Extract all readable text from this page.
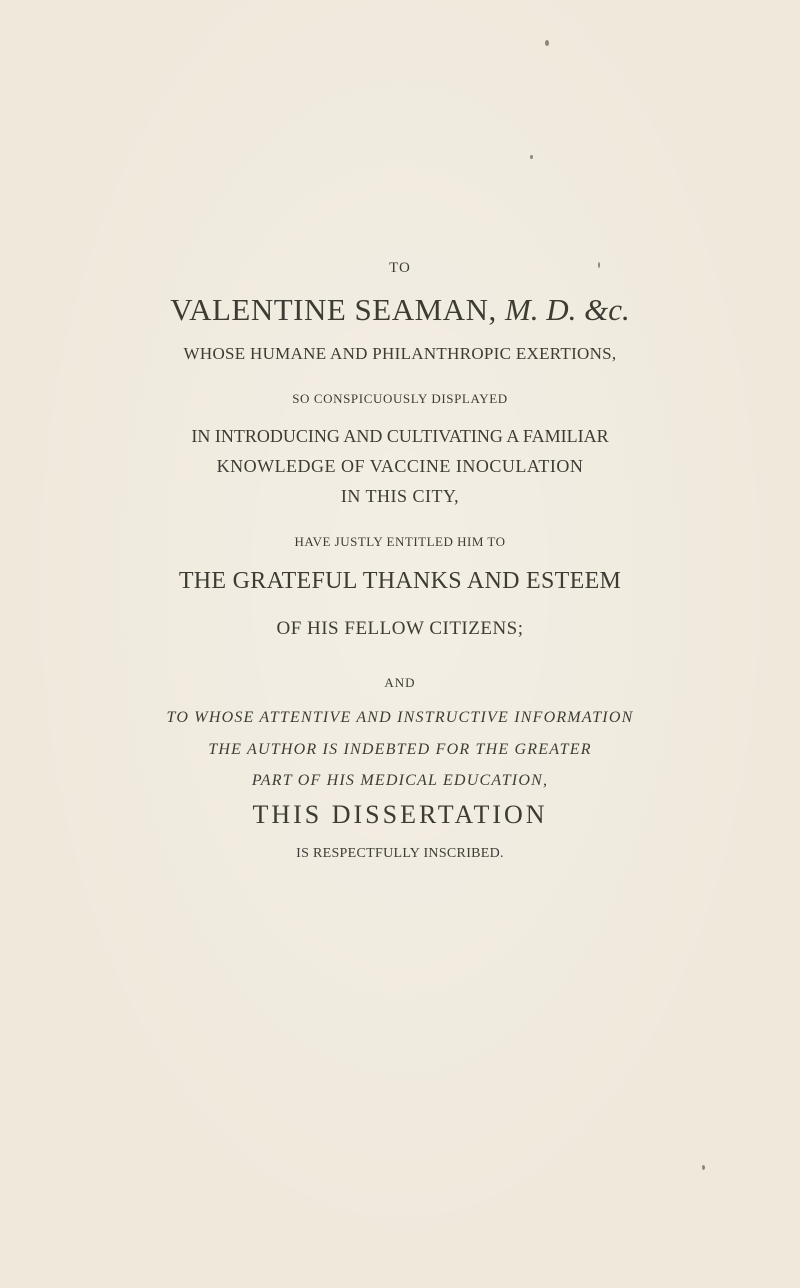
TO
VALENTINE SEAMAN, M. D. &c.
WHOSE HUMANE AND PHILANTHROPIC EXERTIONS,
SO CONSPICUOUSLY DISPLAYED
IN INTRODUCING AND CULTIVATING A FAMILIAR
KNOWLEDGE OF VACCINE INOCULATION
IN THIS CITY,
HAVE JUSTLY ENTITLED HIM TO
THE GRATEFUL THANKS AND ESTEEM
OF HIS FELLOW CITIZENS;
AND
TO WHOSE ATTENTIVE AND INSTRUCTIVE INFORMATION
THE AUTHOR IS INDEBTED FOR THE GREATER
PART OF HIS MEDICAL EDUCATION,
THIS DISSERTATION
IS RESPECTFULLY INSCRIBED.
